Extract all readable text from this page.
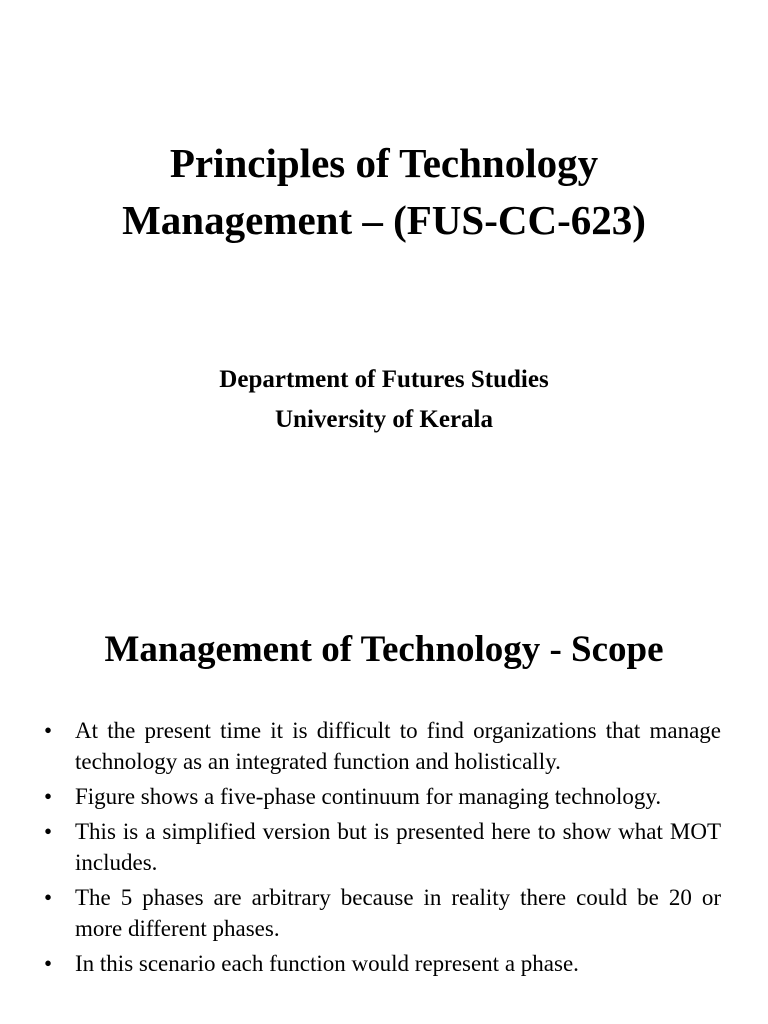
Principles of Technology
Management – (FUS-CC-623)
Department of Futures Studies
University of Kerala
Management of Technology - Scope
• At the present time it is difficult to find organizations that manage technology as an integrated function and holistically.
• Figure shows a five-phase continuum for managing technology.
• This is a simplified version but is presented here to show what MOT includes.
• The 5 phases are arbitrary because in reality there could be 20 or more different phases.
• In this scenario each function would represent a phase.
